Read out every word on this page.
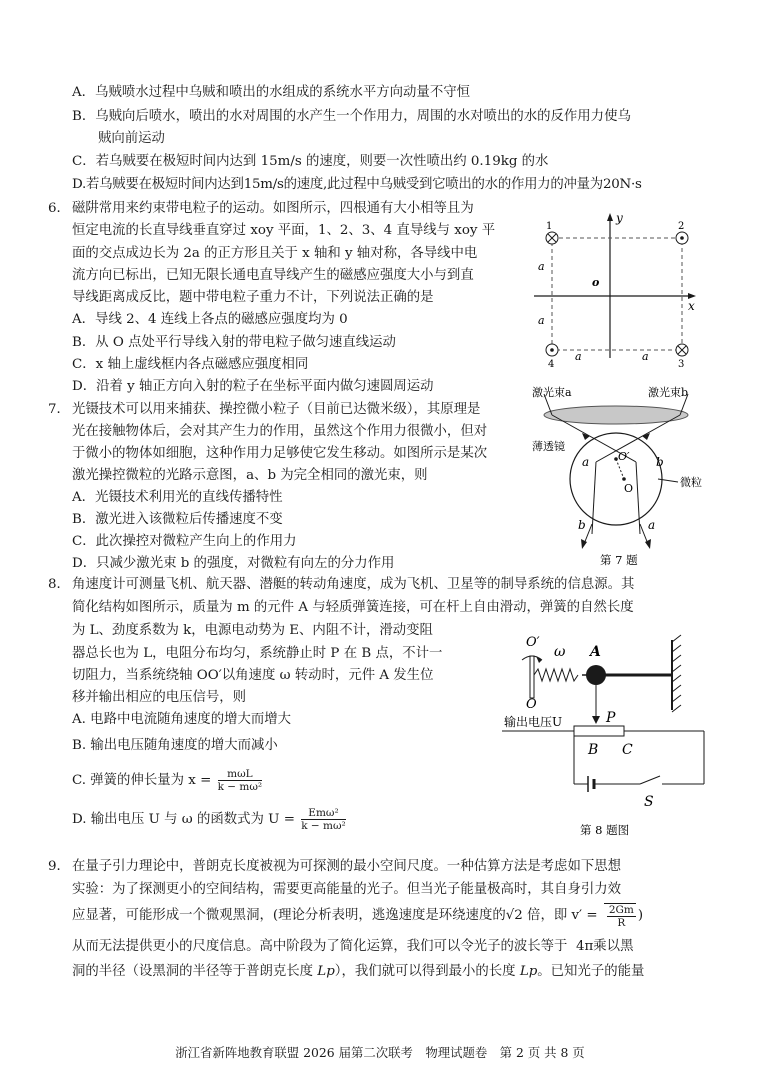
A．乌贼喷水过程中乌贼和喷出的水组成的系统水平方向动量不守恒
B．乌贼向后喷水，喷出的水对周围的水产生一个作用力，周围的水对喷出的水的反作用力使乌
贼向前运动
C．若乌贼要在极短时间内达到 15m/s 的速度，则要一次性喷出约 0.19kg 的水
D.若乌贼要在极短时间内达到15m/s的速度,此过程中乌贼受到它喷出的水的作用力的冲量为20N·s
6． 磁阱常用来约束带电粒子的运动。如图所示，四根通有大小相等且为
恒定电流的长直导线垂直穿过 xoy 平面，1、2、3、4 直导线与 xoy 平
面的交点成边长为 2a 的正方形且关于 x 轴和 y 轴对称，各导线中电
流方向已标出，已知无限长通电直导线产生的磁感应强度大小与到直
导线距离成反比，题中带电粒子重力不计，下列说法正确的是
A．导线 2、4 连线上各点的磁感应强度均为 0
B．从 O 点处平行导线入射的带电粒子做匀速直线运动
C．x 轴上虚线框内各点磁感应强度相同
D．沿着 y 轴正方向入射的粒子在坐标平面内做匀速圆周运动
1	2
3
4
y
x
o
a
a
a	a
7． 光镊技术可以用来捕获、操控微小粒子（目前已达微米级），其原理是
光在接触物体后，会对其产生力的作用，虽然这个作用力很微小，但对
于微小的物体如细胞，这种作用力足够使它发生移动。如图所示是某次
激光操控微粒的光路示意图，a、b 为完全相同的激光束，则
A．光镊技术利用光的直线传播特性
B．激光进入该微粒后传播速度不变
C．此次操控对微粒产生向上的作用力
D．只减少激光束 b 的强度，对微粒有向左的分力作用
激光束a	激光束b
薄透镜
微粒
a	b
O′
O
b	a
第 7 题
8． 角速度计可测量飞机、航天器、潜艇的转动角速度，成为飞机、卫星等的制导系统的信息源。其
简化结构如图所示，质量为 m 的元件 A 与轻质弹簧连接，可在杆上自由滑动，弹簧的自然长度
为 L、劲度系数为 k，电源电动势为 E、内阻不计，滑动变阻
器总长也为 L，电阻分布均匀，系统静止时 P 在 B 点，不计一
切阻力，当系统绕轴 OO′以角速度 ω 转动时，元件 A 发生位
移并输出相应的电压信号，则
A. 电路中电流随角速度的增大而增大
B. 输出电压随角速度的增大而减小
C. 弹簧的伸长量为 $x = \frac{\text{mωL}}{\text{k − mω²}}$
D. 输出电压 U 与 ω 的函数式为 $U = \frac{\text{Emω²}}{\text{k − mω²}}$
O′
O
ω A
P
输出电压U
B C
S
第 8 题图
9． 在量子引力理论中，普朗克长度被视为可探测的最小空间尺度。一种估算方法是考虑如下思想
实验：为了探测更小的空间结构，需要更高能量的光子。但当光子能量极高时，其自身引力效
应显著，可能形成一个微观黑洞，(理论分析表明，逃逸速度是环绕速度的√2 倍，即 $v' = \frac{2Gm}{R}$ )
从而无法提供更小的尺度信息。高中阶段为了简化运算，我们可以令光子的波长等于 4π乘以黑
洞的半径（设黑洞的半径等于普朗克长度 Lp），我们就可以得到最小的长度 Lp。已知光子的能量
浙江省新阵地教育联盟 2026 届第二次联考　物理试题卷　第 2 页 共 8 页
